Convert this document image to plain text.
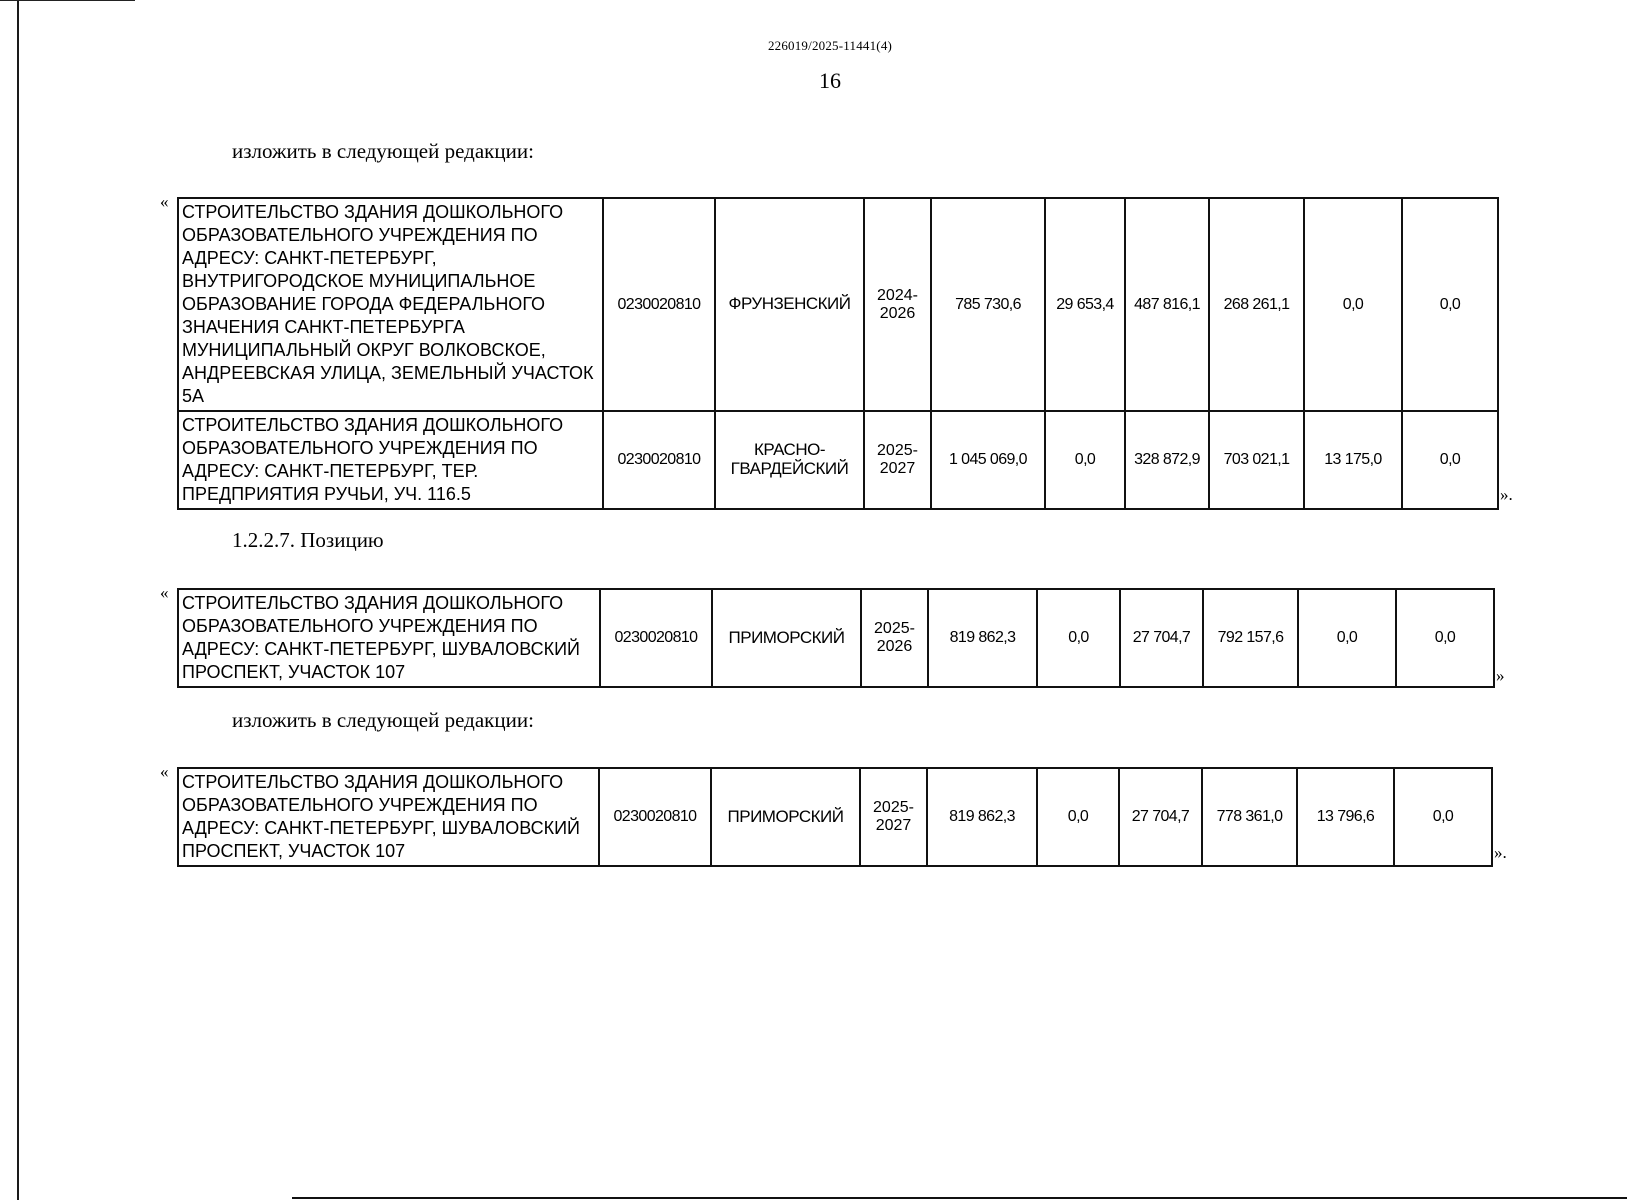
226019/2025-11441(4)
16
изложить в следующей редакции:
«
СТРОИТЕЛЬСТВО ЗДАНИЯ ДОШКОЛЬНОГО ОБРАЗОВАТЕЛЬНОГО УЧРЕЖДЕНИЯ ПО АДРЕСУ: САНКТ-ПЕТЕРБУРГ, ВНУТРИГОРОДСКОЕ МУНИЦИПАЛЬНОЕ ОБРАЗОВАНИЕ ГОРОДА ФЕДЕРАЛЬНОГО ЗНАЧЕНИЯ САНКТ-ПЕТЕРБУРГА МУНИЦИПАЛЬНЫЙ ОКРУГ ВОЛКОВСКОЕ, АНДРЕЕВСКАЯ УЛИЦА, ЗЕМЕЛЬНЫЙ УЧАСТОК 5А	0230020810	ФРУНЗЕНСКИЙ	2024-2026	785 730,6	29 653,4	487 816,1	268 261,1	0,0	0,0
СТРОИТЕЛЬСТВО ЗДАНИЯ ДОШКОЛЬНОГО ОБРАЗОВАТЕЛЬНОГО УЧРЕЖДЕНИЯ ПО АДРЕСУ: САНКТ-ПЕТЕРБУРГ, ТЕР. ПРЕДПРИЯТИЯ РУЧЬИ, УЧ. 116.5	0230020810	КРАСНО-ГВАРДЕЙСКИЙ	2025-2027	1 045 069,0	0,0	328 872,9	703 021,1	13 175,0	0,0
».
1.2.2.7. Позицию
«
СТРОИТЕЛЬСТВО ЗДАНИЯ ДОШКОЛЬНОГО ОБРАЗОВАТЕЛЬНОГО УЧРЕЖДЕНИЯ ПО АДРЕСУ: САНКТ-ПЕТЕРБУРГ, ШУВАЛОВСКИЙ ПРОСПЕКТ, УЧАСТОК 107	0230020810	ПРИМОРСКИЙ	2025-2026	819 862,3	0,0	27 704,7	792 157,6	0,0	0,0
»
изложить в следующей редакции:
«
СТРОИТЕЛЬСТВО ЗДАНИЯ ДОШКОЛЬНОГО ОБРАЗОВАТЕЛЬНОГО УЧРЕЖДЕНИЯ ПО АДРЕСУ: САНКТ-ПЕТЕРБУРГ, ШУВАЛОВСКИЙ ПРОСПЕКТ, УЧАСТОК 107	0230020810	ПРИМОРСКИЙ	2025-2027	819 862,3	0,0	27 704,7	778 361,0	13 796,6	0,0
».
